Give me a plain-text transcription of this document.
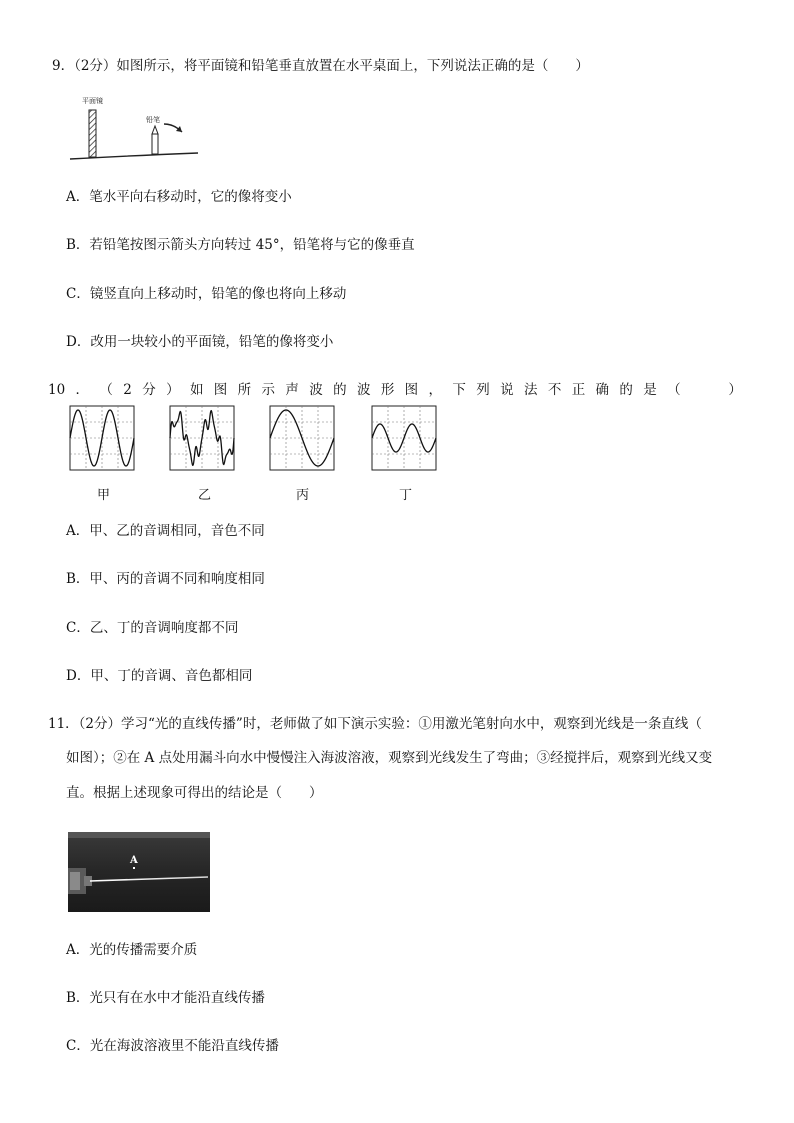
9．（2分）如图所示，将平面镜和铅笔垂直放置在水平桌面上，下列说法正确的是（　　）
平面镜
铅笔
A．笔水平向右移动时，它的像将变小
B．若铅笔按图示箭头方向转过 45°，铅笔将与它的像垂直
C．镜竖直向上移动时，铅笔的像也将向上移动
D．改用一块较小的平面镜，铅笔的像将变小
10 ． （ 2 分 ） 如 图 所 示 声 波 的 波 形 图 ， 下 列 说 法 不 正 确 的 是 （
　　	）
甲	乙	丙	丁
A．甲、乙的音调相同，音色不同
B．甲、丙的音调不同和响度相同
C．乙、丁的音调响度都不同
D．甲、丁的音调、音色都相同
11．（2分）学习“光的直线传播”时，老师做了如下演示实验：①用激光笔射向水中，观察到光线是一条直线（
如图）；②在 A 点处用漏斗向水中慢慢注入海波溶液，观察到光线发生了弯曲；③经搅拌后，观察到光线又变
直。根据上述现象可得出的结论是（　　）
A
A．光的传播需要介质
B．光只有在水中才能沿直线传播
C．光在海波溶液里不能沿直线传播
